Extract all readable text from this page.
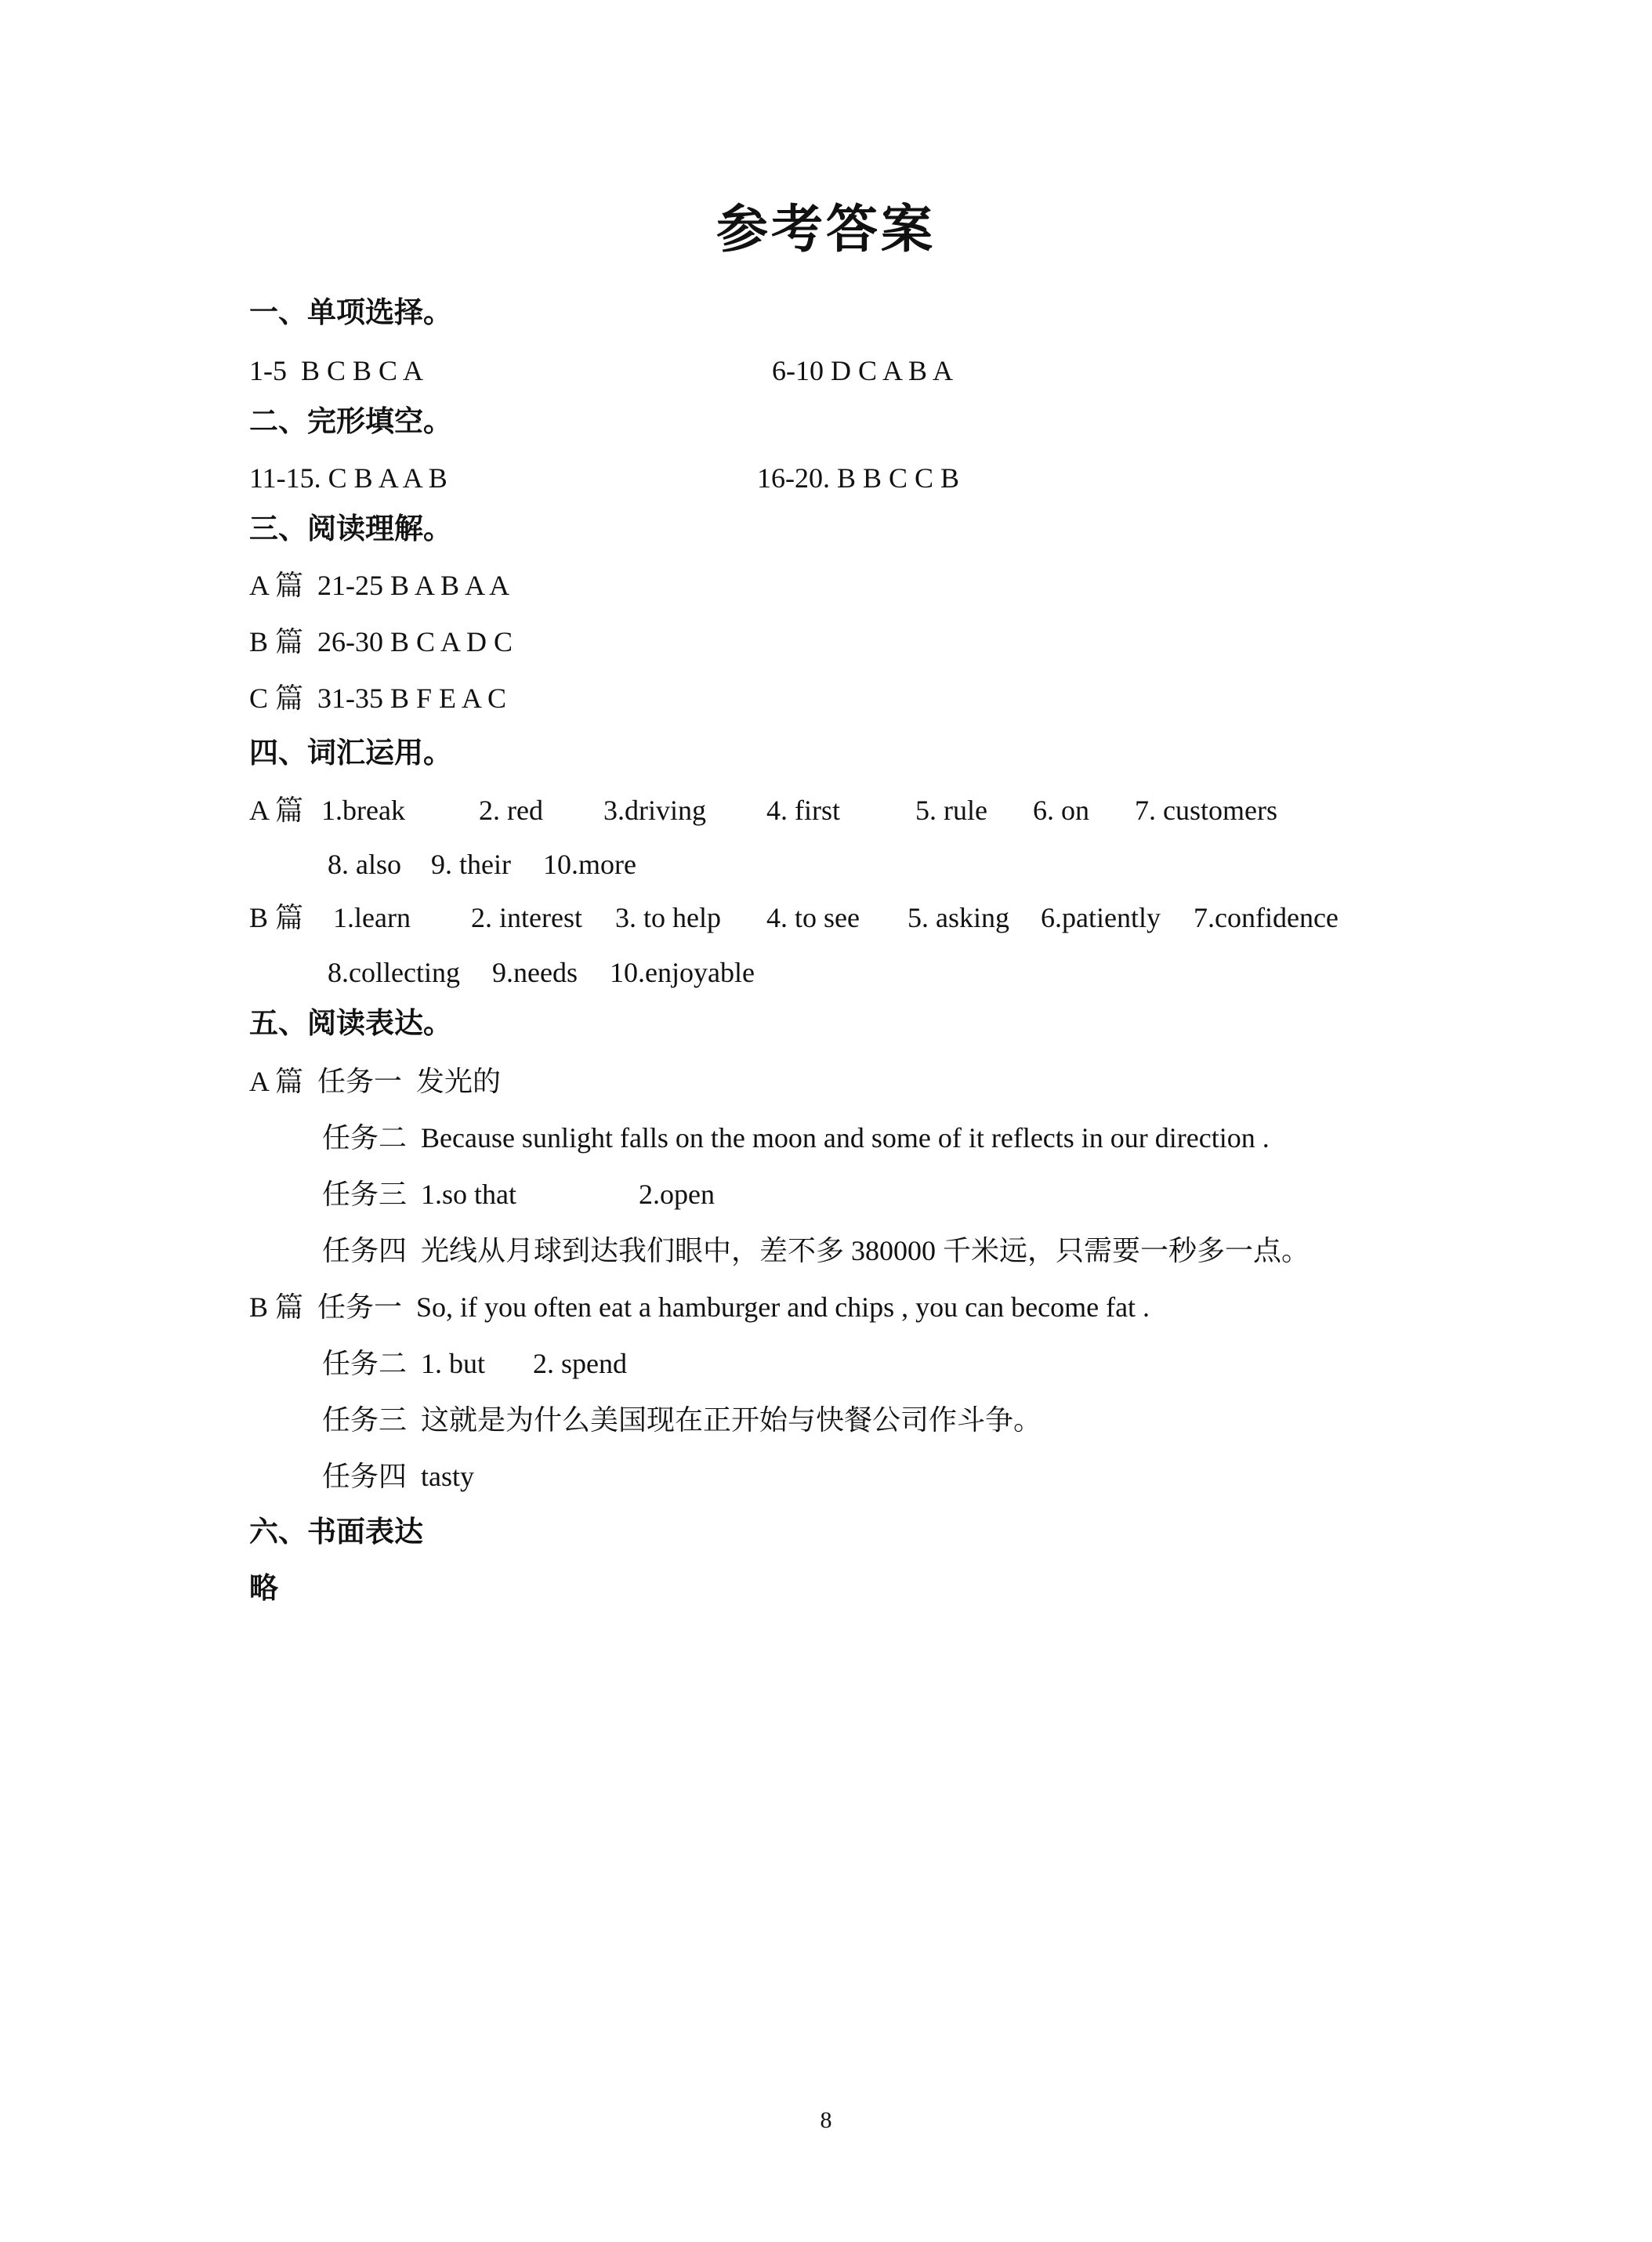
参考答案
一、单项选择。
1-5  B C B C A	6-10 D C A B A
二、完形填空。
11-15. C B A A B	16-20. B B C C B
三、阅读理解。
A 篇  21-25 B A B A A
B 篇  26-30 B C A D C
C 篇  31-35 B F E A C
四、词汇运用。
A 篇 1.break	2. red 3.driving 4. first	5. rule 6. on 7. customers
8. also 9. their 10.more
B 篇 1.learn 2. interest 3. to help 4. to see 5. asking 6.patiently 7.confidence
8.collecting 9.needs 10.enjoyable
五、阅读表达。
A 篇  任务一  发光的
任务二  Because sunlight falls on the moon and some of it reflects in our direction .
任务三  1.so that	2.open
任务四  光线从月球到达我们眼中，差不多 380000 千米远，只需要一秒多一点。
B 篇  任务一  So, if you often eat a hamburger and chips , you can become fat .
任务二  1. but 2. spend
任务三  这就是为什么美国现在正开始与快餐公司作斗争。
任务四  tasty
六、书面表达
略
8
